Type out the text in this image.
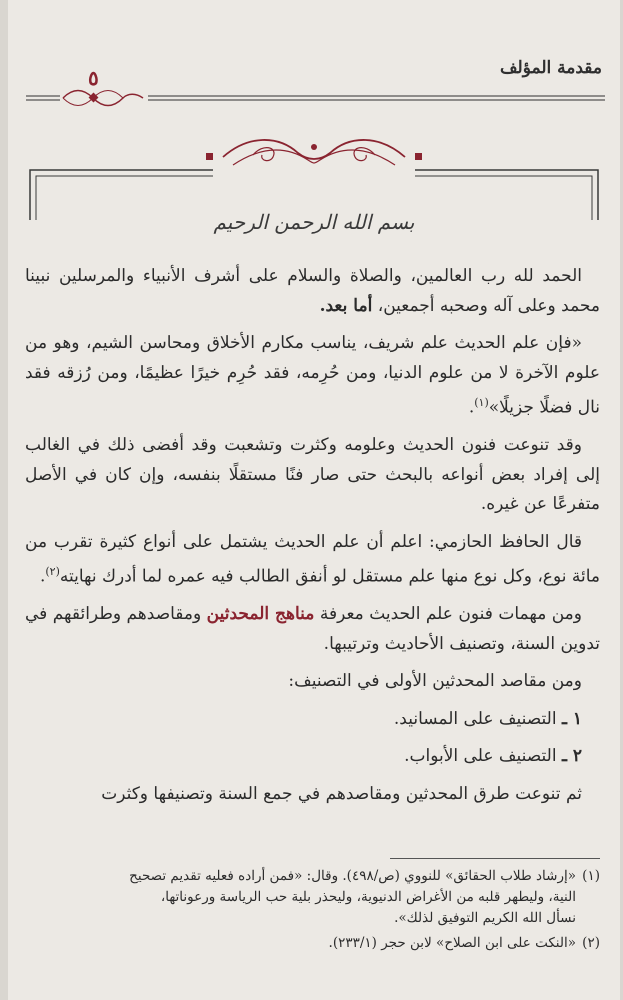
مقدمة المؤلف
٥
بسم الله الرحمن الرحيم

الحمد لله رب العالمين، والصلاة والسلام على أشرف الأنبياء والمرسلين نبينا محمد وعلى آله وصحبه أجمعين، أما بعد.

«فإن علم الحديث علم شريف، يناسب مكارم الأخلاق ومحاسن الشيم، وهو من علوم الآخرة لا من علوم الدنيا، ومن حُرِمه، فقد حُرِم خيرًا عظيمًا، ومن رُزقه فقد نال فضلًا جزيلًا»$^{(١)}$.

وقد تنوعت فنون الحديث وعلومه وكثرت وتشعبت وقد أفضى ذلك في الغالب إلى إفراد بعض أنواعه بالبحث حتى صار فنًا مستقلًا بنفسه، وإن كان في الأصل متفرعًا عن غيره.

قال الحافظ الحازمي: اعلم أن علم الحديث يشتمل على أنواع كثيرة تقرب من مائة نوع، وكل نوع منها علم مستقل لو أنفق الطالب فيه عمره لما أدرك نهايته$^{(٢)}$.

ومن مهمات فنون علم الحديث معرفة مناهج المحدثين ومقاصدهم وطرائقهم في تدوين السنة، وتصنيف الأحاديث وترتيبها.

ومن مقاصد المحدثين الأولى في التصنيف:

١ ـ التصنيف على المسانيد.

٢ ـ التصنيف على الأبواب.

ثم تنوعت طرق المحدثين ومقاصدهم في جمع السنة وتصنيفها وكثرت

(١)«إرشاد طلاب الحقائق» للنووي (ص/٤٩٨). وقال: «فمن أراده فعليه تقديم تصحيح
النية، وليطهر قلبه من الأغراض الدنيوية، وليحذر بلية حب الرياسة ورعوناتها،
نسأل الله الكريم التوفيق لذلك».

(٢)«النكت على ابن الصلاح» لابن حجر (٢٣٣/١).
